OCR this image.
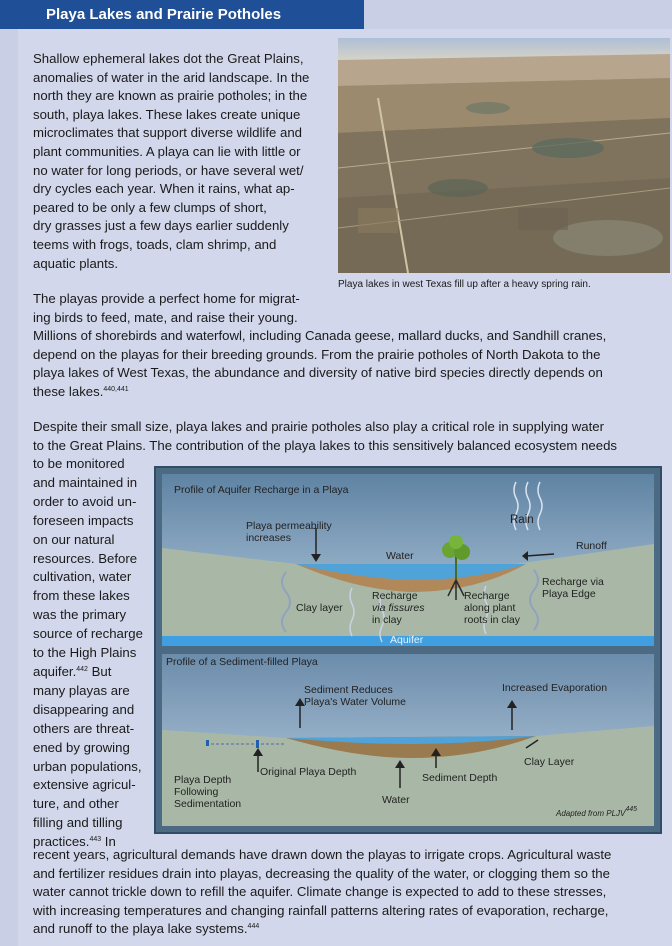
Playa Lakes and Prairie Potholes
Shallow ephemeral lakes dot the Great Plains,
anomalies of water in the arid landscape. In the
north they are known as prairie potholes; in the
south, playa lakes. These lakes create unique
microclimates that support diverse wildlife and
plant communities. A playa can lie with little or
no water for long periods, or have several wet/
dry cycles each year. When it rains, what ap-
peared to be only a few clumps of short,
dry grasses just a few days earlier suddenly
teems with frogs, toads, clam shrimp, and
aquatic plants.
Playa lakes in west Texas fill up after a heavy spring rain.
The playas provide a perfect home for migrat-
ing birds to feed, mate, and raise their young.
Millions of shorebirds and waterfowl, including Canada geese, mallard ducks, and Sandhill cranes,
depend on the playas for their breeding grounds. From the prairie potholes of North Dakota to the
playa lakes of West Texas, the abundance and diversity of native bird species directly depends on
these lakes.$^{440,441}$
Despite their small size, playa lakes and prairie potholes also play a critical role in supplying water
to the Great Plains. The contribution of the playa lakes to this sensitively balanced ecosystem needs
to be monitored
and maintained in
order to avoid un-
foreseen impacts
on our natural
resources. Before
cultivation, water
from these lakes
was the primary
source of recharge
to the High Plains
aquifer.$^{442}$ But
many playas are
disappearing and
others are threat-
ened by growing
urban populations,
extensive agricul-
ture, and other
filling and tilling
practices.$^{443}$ In
recent years, agricultural demands have drawn down the playas to irrigate crops. Agricultural waste
and fertilizer residues drain into playas, decreasing the quality of the water, or clogging them so the
water cannot trickle down to refill the aquifer. Climate change is expected to add to these stresses,
with increasing temperatures and changing rainfall patterns altering rates of evaporation, recharge,
and runoff to the playa lake systems.$^{444}$
Profile of Aquifer Recharge in a Playa
Playa permeability
increases
Rain
Runoff
Water
Clay layer
Recharge
via fissures
in clay
Recharge
along plant
roots in clay
Recharge via
Playa Edge
Aquifer
Profile of a Sediment-filled Playa
Sediment Reduces
Playa's Water Volume
Increased Evaporation
Clay Layer
Playa Depth
Following
Sedimentation
Original Playa Depth	Sediment Depth
Water
Adapted from PLJV$^{445}$
